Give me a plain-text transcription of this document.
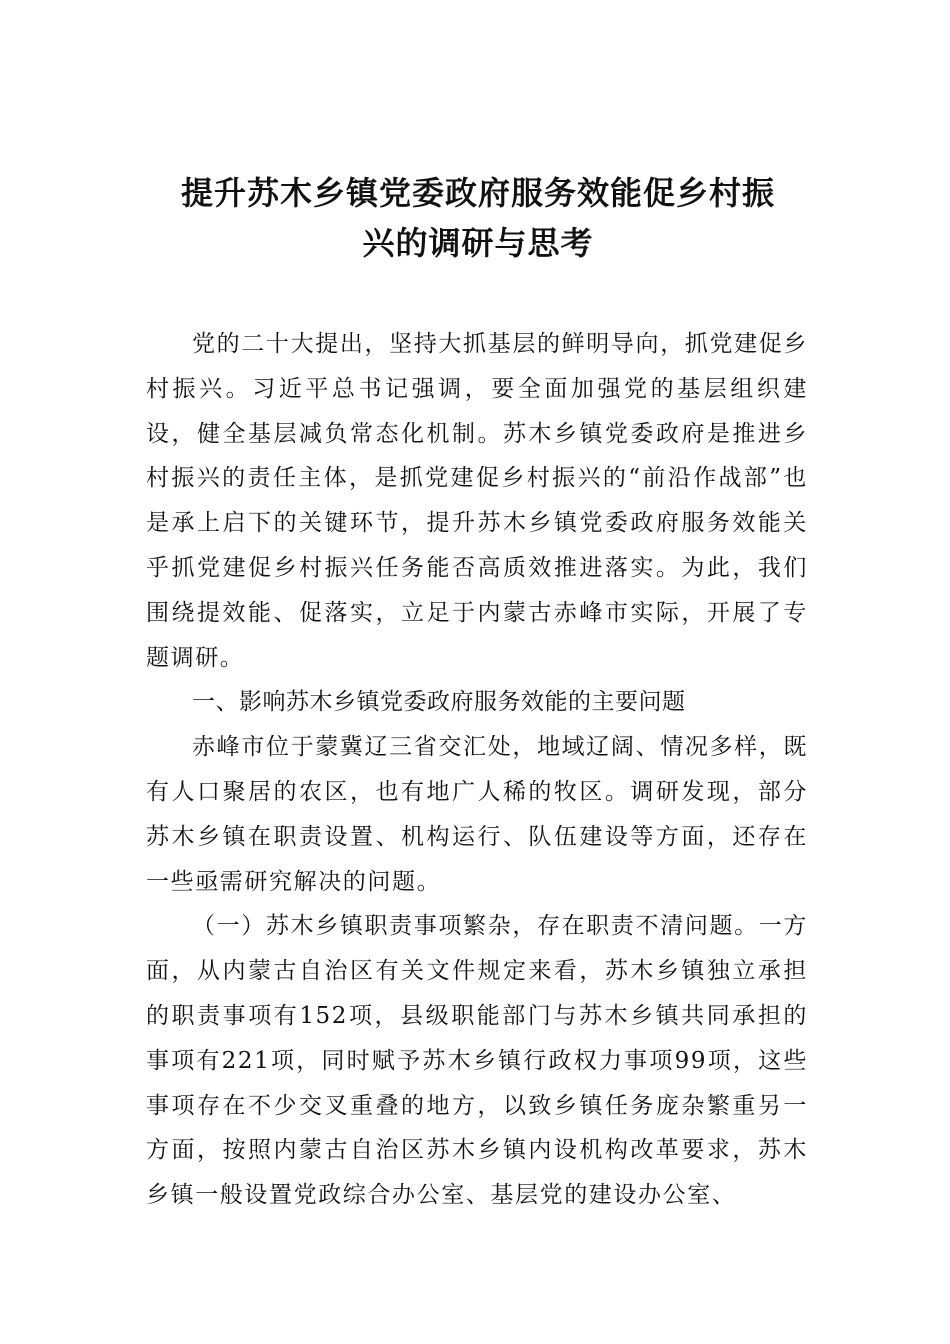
提升苏木乡镇党委政府服务效能促乡村振
兴的调研与思考

党的二十大提出，坚持大抓基层的鲜明导向，抓党建促乡村振兴。习近平总书记强调，要全面加强党的基层组织建设，健全基层减负常态化机制。苏木乡镇党委政府是推进乡村振兴的责任主体，是抓党建促乡村振兴的“前沿作战部”也是承上启下的关键环节，提升苏木乡镇党委政府服务效能关乎抓党建促乡村振兴任务能否高质效推进落实。为此，我们围绕提效能、促落实，立足于内蒙古赤峰市实际，开展了专题调研。

一、影响苏木乡镇党委政府服务效能的主要问题

赤峰市位于蒙冀辽三省交汇处，地域辽阔、情况多样，既有人口聚居的农区，也有地广人稀的牧区。调研发现，部分苏木乡镇在职责设置、机构运行、队伍建设等方面，还存在一些亟需研究解决的问题。

（一）苏木乡镇职责事项繁杂，存在职责不清问题。一方面，从内蒙古自治区有关文件规定来看，苏木乡镇独立承担的职责事项有152项，县级职能部门与苏木乡镇共同承担的事项有221项，同时赋予苏木乡镇行政权力事项99项，这些事项存在不少交叉重叠的地方，以致乡镇任务庞杂繁重另一方面，按照内蒙古自治区苏木乡镇内设机构改革要求，苏木乡镇一般设置党政综合办公室、基层党的建设办公室、
